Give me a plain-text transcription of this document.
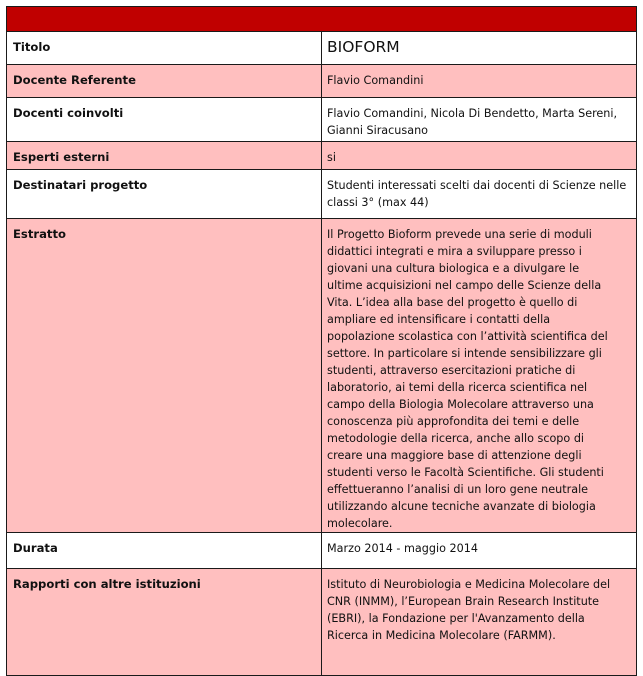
Titolo	BIOFORM
Docente Referente	Flavio Comandini
Docenti coinvolti	Flavio Comandini, Nicola Di Bendetto, Marta Sereni, Gianni Siracusano
Esperti esterni	si
Destinatari progetto	Studenti interessati scelti dai docenti di Scienze nelle classi 3° (max 44)
Estratto	Il Progetto Bioform prevede una serie di moduli didattici integrati e mira a sviluppare presso i giovani una cultura biologica e a divulgare le ultime acquisizioni nel campo delle Scienze della Vita. L’idea alla base del progetto è quello di ampliare ed intensificare i contatti della popolazione scolastica con l’attività scientifica del settore. In particolare si intende sensibilizzare gli studenti, attraverso esercitazioni pratiche di laboratorio, ai temi della ricerca scientifica nel campo della Biologia Molecolare attraverso una conoscenza più approfondita dei temi e delle metodologie della ricerca, anche allo scopo di creare una maggiore base di attenzione degli studenti verso le Facoltà Scientifiche. Gli studenti effettueranno l’analisi di un loro gene neutrale utilizzando alcune tecniche avanzate di biologia molecolare.
Durata	Marzo 2014 - maggio 2014
Rapporti con altre istituzioni	Istituto di Neurobiologia e Medicina Molecolare del CNR (INMM), l’European Brain Research Institute (EBRI), la Fondazione per l'Avanzamento della Ricerca in Medicina Molecolare (FARMM).
